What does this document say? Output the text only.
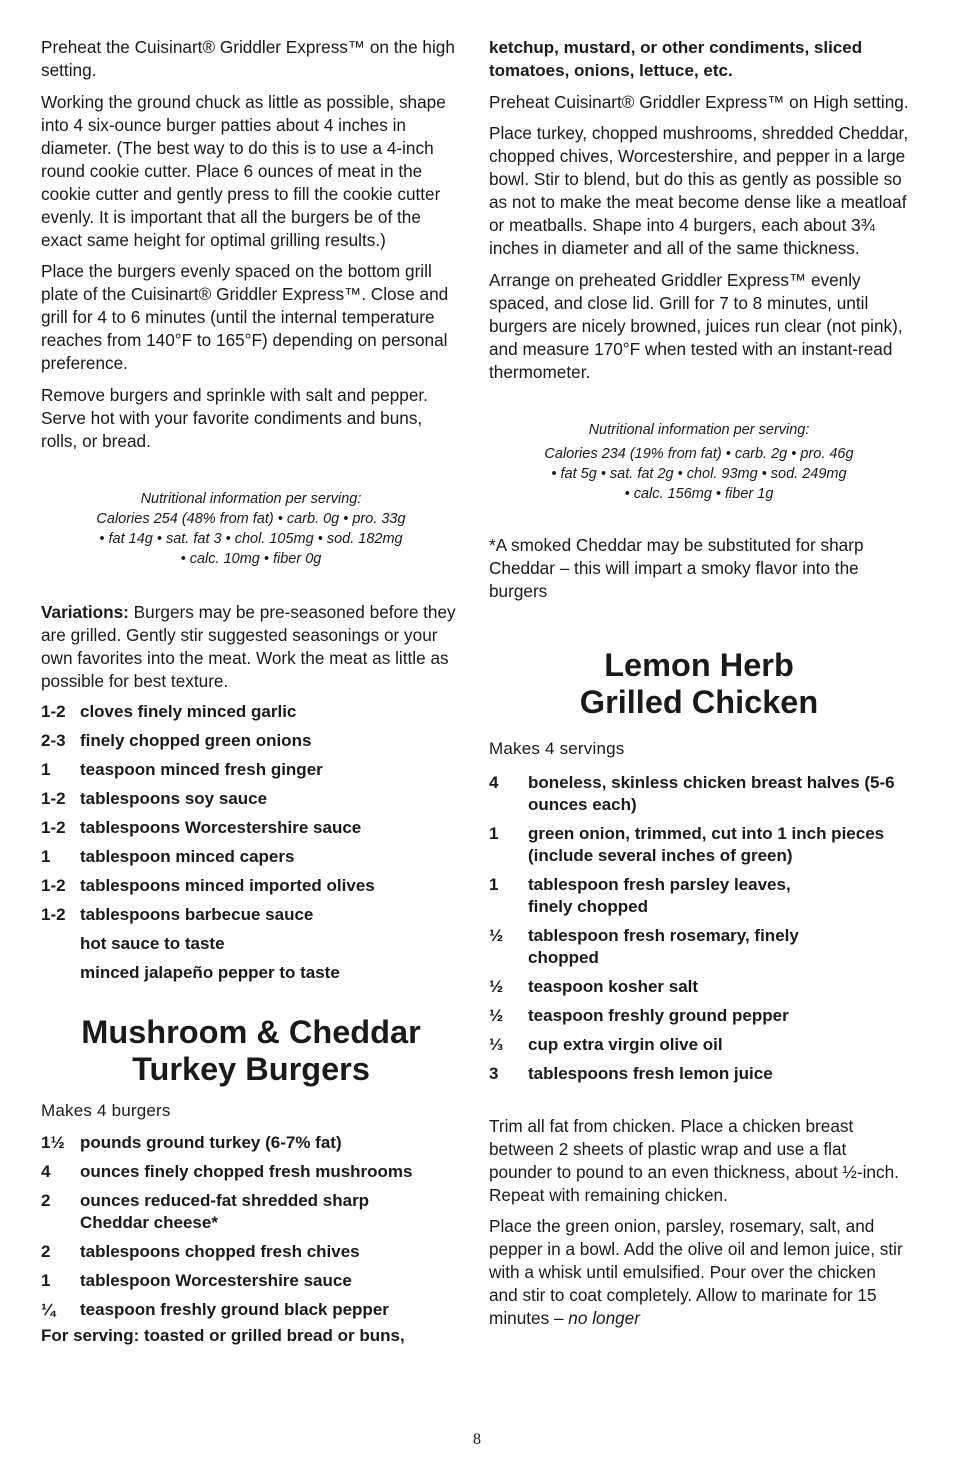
Preheat the Cuisinart® Griddler Express™ on the high setting.

Working the ground chuck as little as possible, shape into 4 six-ounce burger patties about 4 inches in diameter. (The best way to do this is to use a 4-inch round cookie cutter. Place 6 ounces of meat in the cookie cutter and gently press to fill the cookie cutter evenly. It is important that all the burgers be of the exact same height for optimal grilling results.)

Place the burgers evenly spaced on the bottom grill plate of the Cuisinart® Griddler Express™. Close and grill for 4 to 6 minutes (until the internal temperature reaches from 140°F to 165°F) depending on personal preference.

Remove burgers and sprinkle with salt and pepper. Serve hot with your favorite condiments and buns, rolls, or bread.

Nutritional information per serving:
Calories 254 (48% from fat) • carb. 0g • pro. 33g
• fat 14g • sat. fat 3 • chol. 105mg • sod. 182mg
• calc. 10mg • fiber 0g

Variations: Burgers may be pre-seasoned before they are grilled. Gently stir suggested seasonings or your own favorites into the meat. Work the meat as little as possible for best texture.

1-2 cloves finely minced garlic
2-3 finely chopped green onions
1	teaspoon minced fresh ginger
1-2 tablespoons soy sauce
1-2 tablespoons Worcestershire sauce
1	tablespoon minced capers
1-2 tablespoons minced imported olives
1-2 tablespoons barbecue sauce
hot sauce to taste
minced jalapeño pepper to taste
Mushroom & Cheddar
Turkey Burgers
Makes 4 burgers
1½ pounds ground turkey (6-7% fat)
4	ounces finely chopped fresh mushrooms
2	ounces reduced-fat shredded sharp Cheddar cheese*
2	tablespoons chopped fresh chives
1	tablespoon Worcestershire sauce
¼	teaspoon freshly ground black pepper
For serving: toasted or grilled bread or buns,

ketchup, mustard, or other condiments, sliced tomatoes, onions, lettuce, etc.

Preheat Cuisinart® Griddler Express™ on High setting.

Place turkey, chopped mushrooms, shredded Cheddar, chopped chives, Worcestershire, and pepper in a large bowl. Stir to blend, but do this as gently as possible so as not to make the meat become dense like a meatloaf or meatballs. Shape into 4 burgers, each about 3¾ inches in diameter and all of the same thickness.

Arrange on preheated Griddler Express™ evenly spaced, and close lid. Grill for 7 to 8 minutes, until burgers are nicely browned, juices run clear (not pink), and measure 170°F when tested with an instant-read thermometer.

Nutritional information per serving:
Calories 234 (19% from fat) • carb. 2g • pro. 46g
• fat 5g • sat. fat 2g • chol. 93mg • sod. 249mg
• calc. 156mg • fiber 1g

*A smoked Cheddar may be substituted for sharp Cheddar – this will impart a smoky flavor into the burgers

Lemon Herb
Grilled Chicken
Makes 4 servings
4	boneless, skinless chicken breast halves (5-6 ounces each)
1	green onion, trimmed, cut into 1 inch pieces (include several inches of green)
1	tablespoon fresh parsley leaves, finely chopped
½	tablespoon fresh rosemary, finely chopped
½	teaspoon kosher salt
½	teaspoon freshly ground pepper
⅓	cup extra virgin olive oil
3	tablespoons fresh lemon juice

Trim all fat from chicken. Place a chicken breast between 2 sheets of plastic wrap and use a flat pounder to pound to an even thickness, about ½-inch. Repeat with remaining chicken.

Place the green onion, parsley, rosemary, salt, and pepper in a bowl. Add the olive oil and lemon juice, stir with a whisk until emulsified. Pour over the chicken and stir to coat completely. Allow to marinate for 15 minutes – no longer

8
